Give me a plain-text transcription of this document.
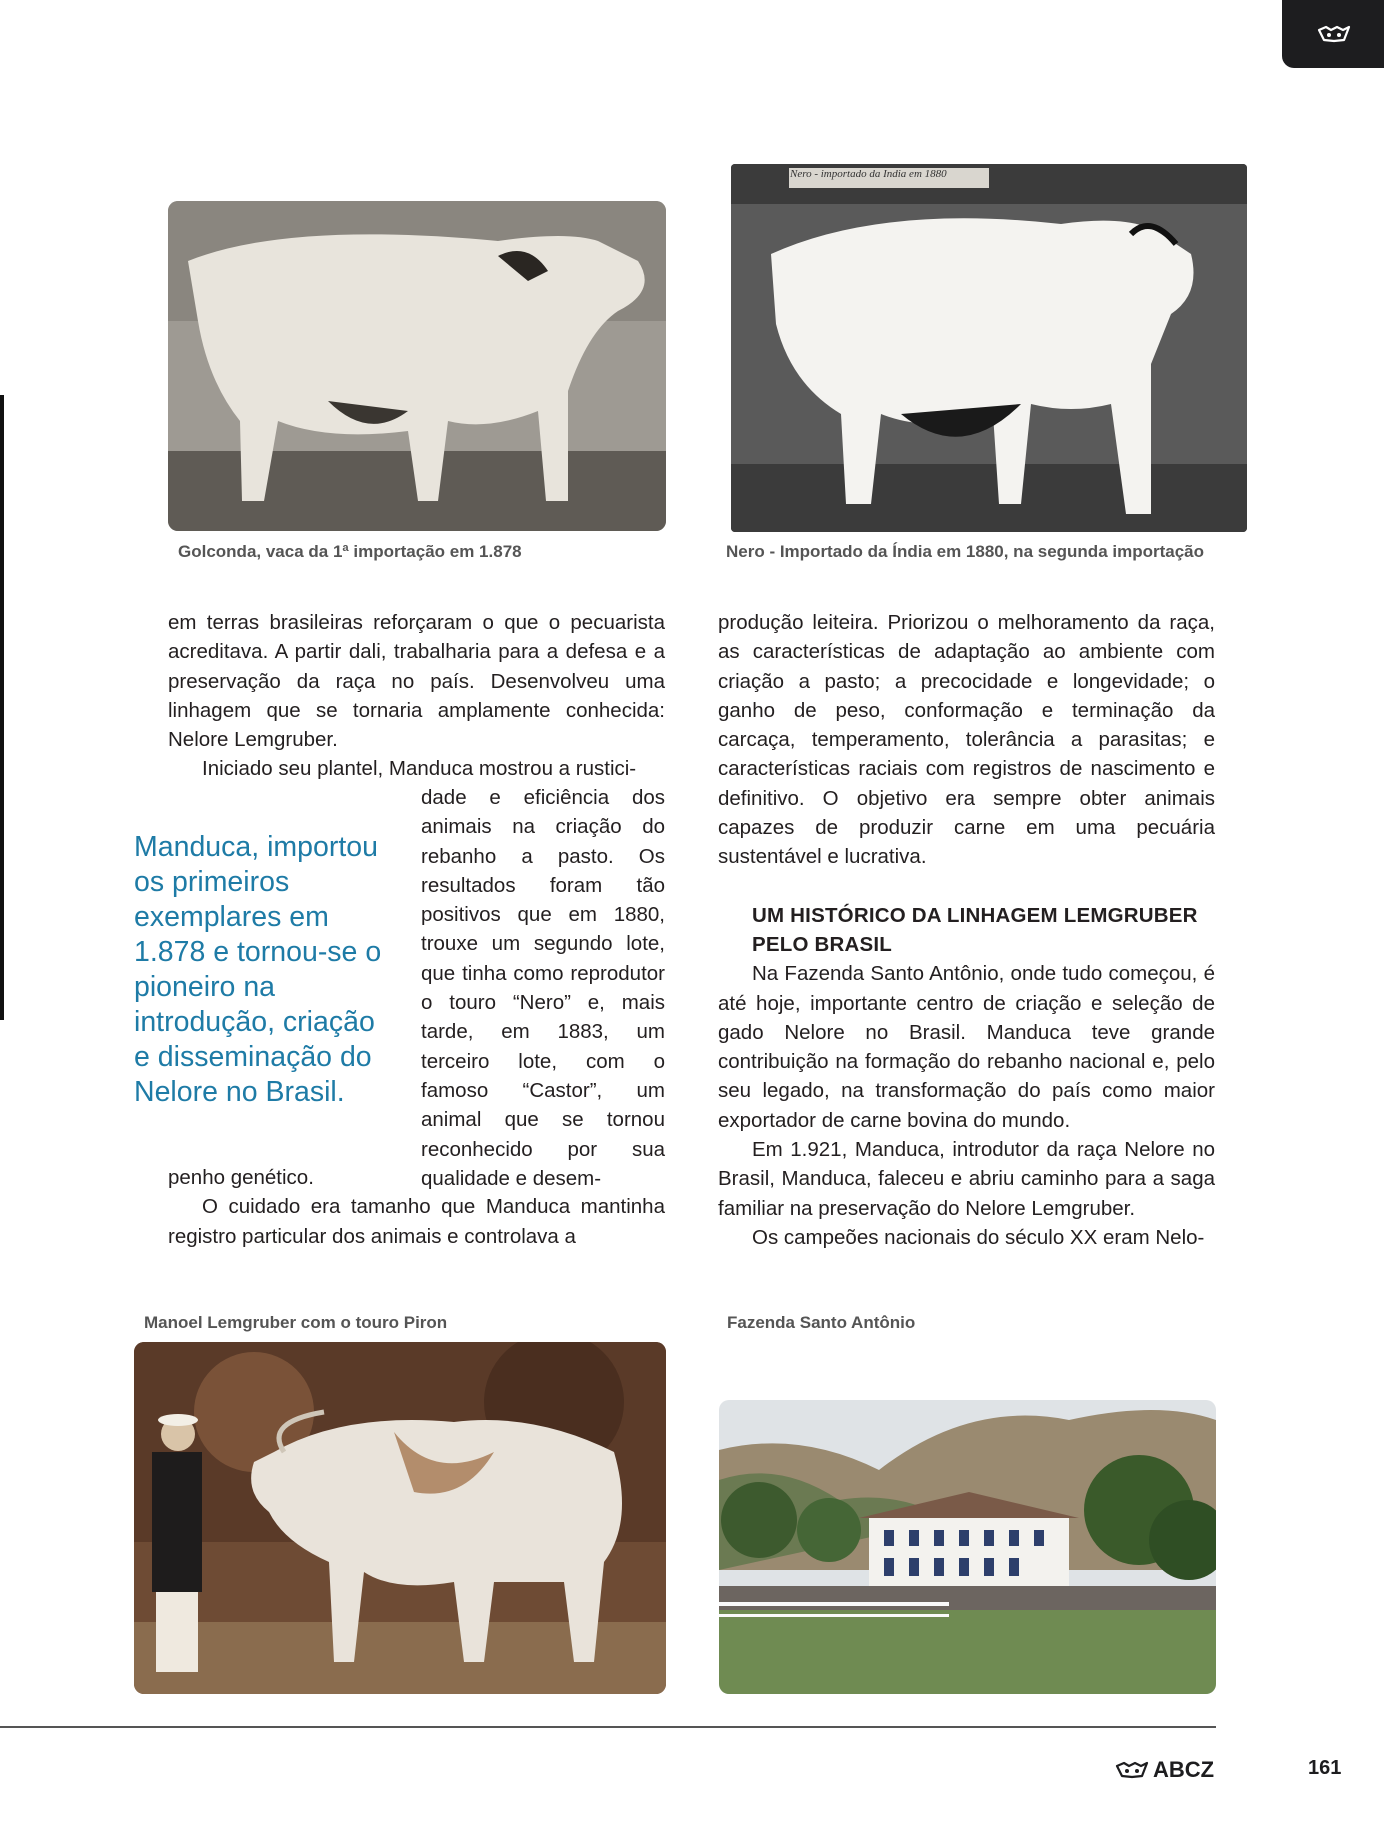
Golconda, vaca da 1ª importação em 1.878
Nero - importado da India em 1880
Nero - Importado da Índia em 1880, na segunda importação

em terras brasileiras reforçaram o que o pecuarista acreditava. A partir dali, trabalharia para a defesa e a preservação da raça no país. Desenvolveu uma linhagem que se tornaria amplamente conhecida: Nelore Lemgruber.

Iniciado seu plantel, Manduca mostrou a rustici-

dade e eficiência dos animais na criação do rebanho a pasto. Os resultados foram tão positivos que em 1880, trouxe um segundo lote, que tinha como reprodutor o touro “Nero” e, mais tarde, em 1883, um terceiro lote, com o famoso “Castor”, um animal que se tornou reconhecido por sua qualidade e desem-

penho genético.

O cuidado era tamanho que Manduca mantinha registro particular dos animais e controlava a

Manduca, importou os primeiros exemplares em 1.878 e tornou-se o pioneiro na introdução, criação e disseminação do Nelore no Brasil.

produção leiteira. Priorizou o melhoramento da raça, as características de adaptação ao ambiente com criação a pasto; a precocidade e longevidade; o ganho de peso, conformação e terminação da carcaça, temperamento, tolerância a parasitas; e características raciais com registros de nascimento e definitivo. O objetivo era sempre obter animais capazes de produzir carne em uma pecuária sustentável e lucrativa.

UM HISTÓRICO DA LINHAGEM LEMGRUBER PELO BRASIL

Na Fazenda Santo Antônio, onde tudo começou, é até hoje, importante centro de criação e seleção de gado Nelore no Brasil. Manduca teve grande contribuição na formação do rebanho nacional e, pelo seu legado, na transformação do país como maior exportador de carne bovina do mundo.

Em 1.921, Manduca, introdutor da raça Nelore no Brasil, Manduca, faleceu e abriu caminho para a saga familiar na preservação do Nelore Lemgruber.

Os campeões nacionais do século XX eram Nelo-

Manoel Lemgruber com o touro Piron	Fazenda Santo Antônio
ABCZ	161
